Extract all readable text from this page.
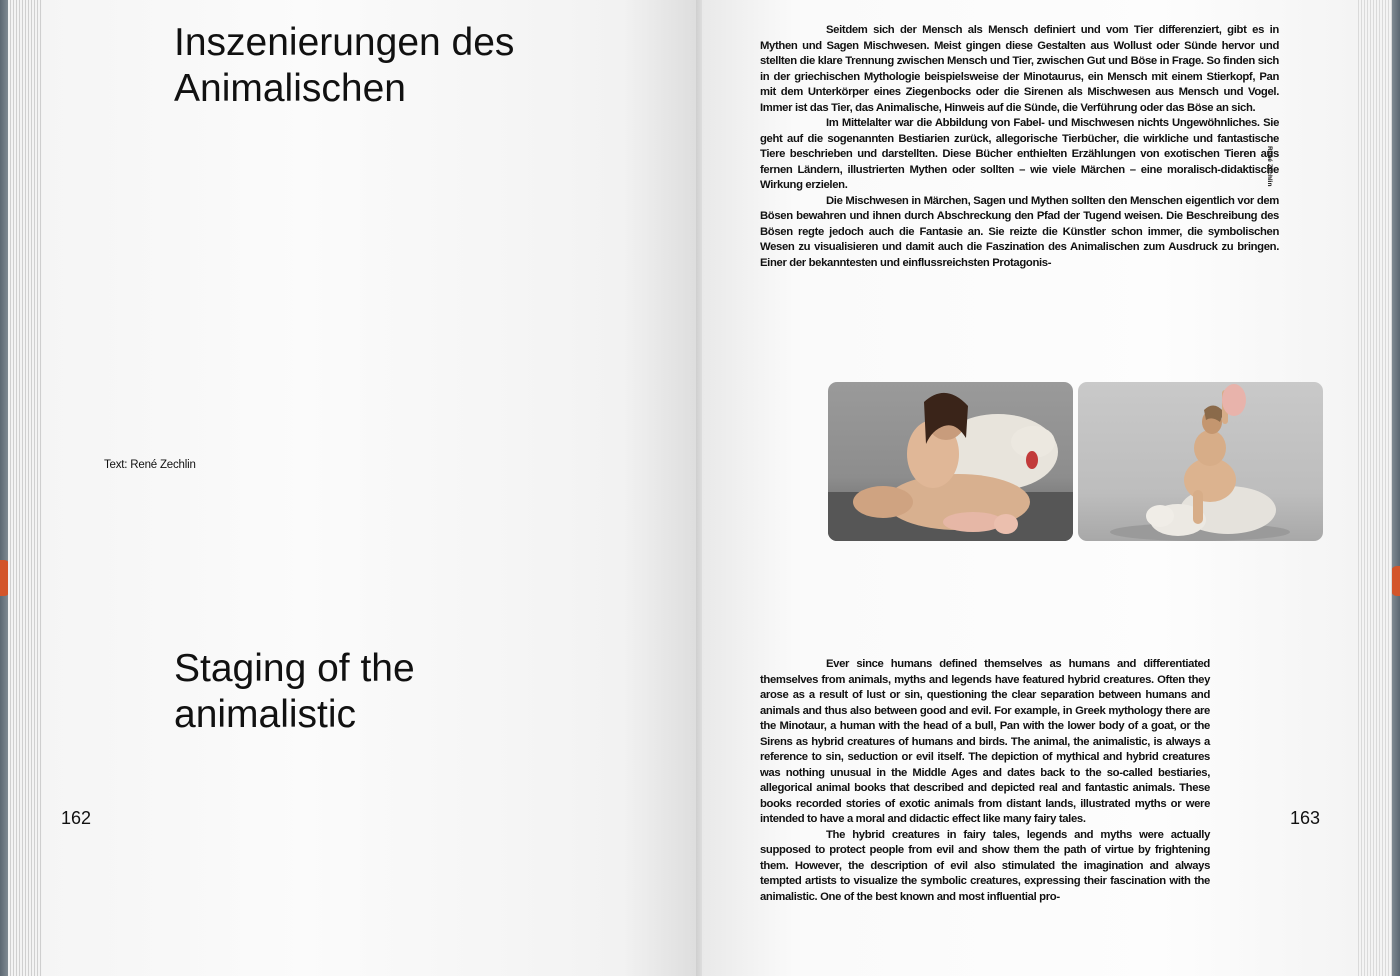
Inszenierungen des Animalischen
Text: René Zechlin
Staging of the animalistic
162
René Zechlin

Seitdem sich der Mensch als Mensch definiert und vom Tier differenziert, gibt es in Mythen und Sagen Mischwesen. Meist gingen diese Gestalten aus Wollust oder Sünde hervor und stellten die klare Trennung zwischen Mensch und Tier, zwischen Gut und Böse in Frage. So finden sich in der griechischen Mythologie beispielsweise der Minotaurus, ein Mensch mit einem Stierkopf, Pan mit dem Unterkörper eines Ziegenbocks oder die Sirenen als Mischwesen aus Mensch und Vogel. Immer ist das Tier, das Animalische, Hinweis auf die Sünde, die Verführung oder das Böse an sich.

Im Mittelalter war die Abbildung von Fabel- und Mischwesen nichts Ungewöhnliches. Sie geht auf die sogenannten Bestiarien zurück, allegorische Tierbücher, die wirkliche und fantastische Tiere beschrieben und darstellten. Diese Bücher enthielten Erzählungen von exotischen Tieren aus fernen Ländern, illustrierten Mythen oder sollten – wie viele Märchen – eine moralisch-didaktische Wirkung erzielen.

Die Mischwesen in Märchen, Sagen und Mythen sollten den Menschen eigentlich vor dem Bösen bewahren und ihnen durch Abschreckung den Pfad der Tugend weisen. Die Beschreibung des Bösen regte jedoch auch die Fantasie an. Sie reizte die Künstler schon immer, die symbolischen Wesen zu visualisieren und damit auch die Faszination des Animalischen zum Ausdruck zu bringen. Einer der bekanntesten und einflussreichsten Protagonis-

Ever since humans defined themselves as humans and differentiated themselves from animals, myths and legends have featured hybrid creatures. Often they arose as a result of lust or sin, questioning the clear separation between humans and animals and thus also between good and evil. For example, in Greek mythology there are the Minotaur, a human with the head of a bull, Pan with the lower body of a goat, or the Sirens as hybrid creatures of humans and birds. The animal, the animalistic, is always a reference to sin, seduction or evil itself. The depiction of mythical and hybrid creatures was nothing unusual in the Middle Ages and dates back to the so-called bestiaries, allegorical animal books that described and depicted real and fantastic animals. These books recorded stories of exotic animals from distant lands, illustrated myths or were intended to have a moral and didactic effect like many fairy tales.

The hybrid creatures in fairy tales, legends and myths were actually supposed to protect people from evil and show them the path of virtue by frightening them. However, the description of evil also stimulated the imagination and always tempted artists to visualize the symbolic creatures, expressing their fascination with the animalistic. One of the best known and most influential pro-

163
